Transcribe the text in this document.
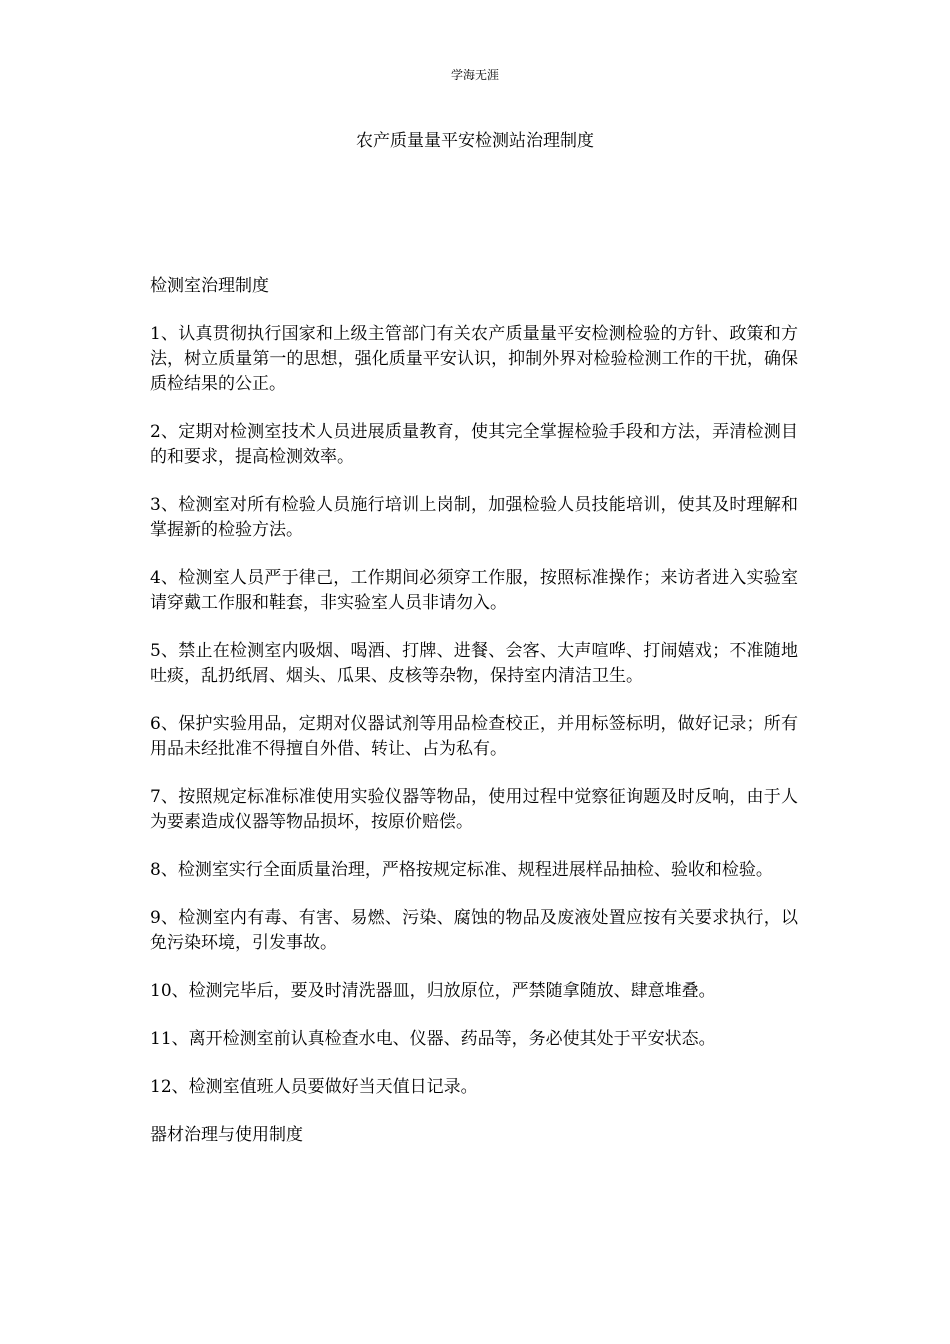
学海无涯
农产质量量平安检测站治理制度

检测室治理制度

1、认真贯彻执行国家和上级主管部门有关农产质量量平安检测检验的方针、政策和方法，树立质量第一的思想，强化质量平安认识，抑制外界对检验检测工作的干扰，确保质检结果的公正。

2、定期对检测室技术人员进展质量教育，使其完全掌握检验手段和方法，弄清检测目的和要求，提高检测效率。

3、检测室对所有检验人员施行培训上岗制，加强检验人员技能培训，使其及时理解和掌握新的检验方法。

4、检测室人员严于律己，工作期间必须穿工作服，按照标准操作；来访者进入实验室请穿戴工作服和鞋套，非实验室人员非请勿入。

5、禁止在检测室内吸烟、喝酒、打牌、进餐、会客、大声喧哗、打闹嬉戏；不准随地吐痰，乱扔纸屑、烟头、瓜果、皮核等杂物，保持室内清洁卫生。

6、保护实验用品，定期对仪器试剂等用品检查校正，并用标签标明，做好记录；所有用品未经批准不得擅自外借、转让、占为私有。

7、按照规定标准标准使用实验仪器等物品，使用过程中觉察征询题及时反响，由于人为要素造成仪器等物品损坏，按原价赔偿。

8、检测室实行全面质量治理，严格按规定标准、规程进展样品抽检、验收和检验。

9、检测室内有毒、有害、易燃、污染、腐蚀的物品及废液处置应按有关要求执行，以免污染环境，引发事故。

10、检测完毕后，要及时清洗器皿，归放原位，严禁随拿随放、肆意堆叠。

11、离开检测室前认真检查水电、仪器、药品等，务必使其处于平安状态。

12、检测室值班人员要做好当天值日记录。

器材治理与使用制度
